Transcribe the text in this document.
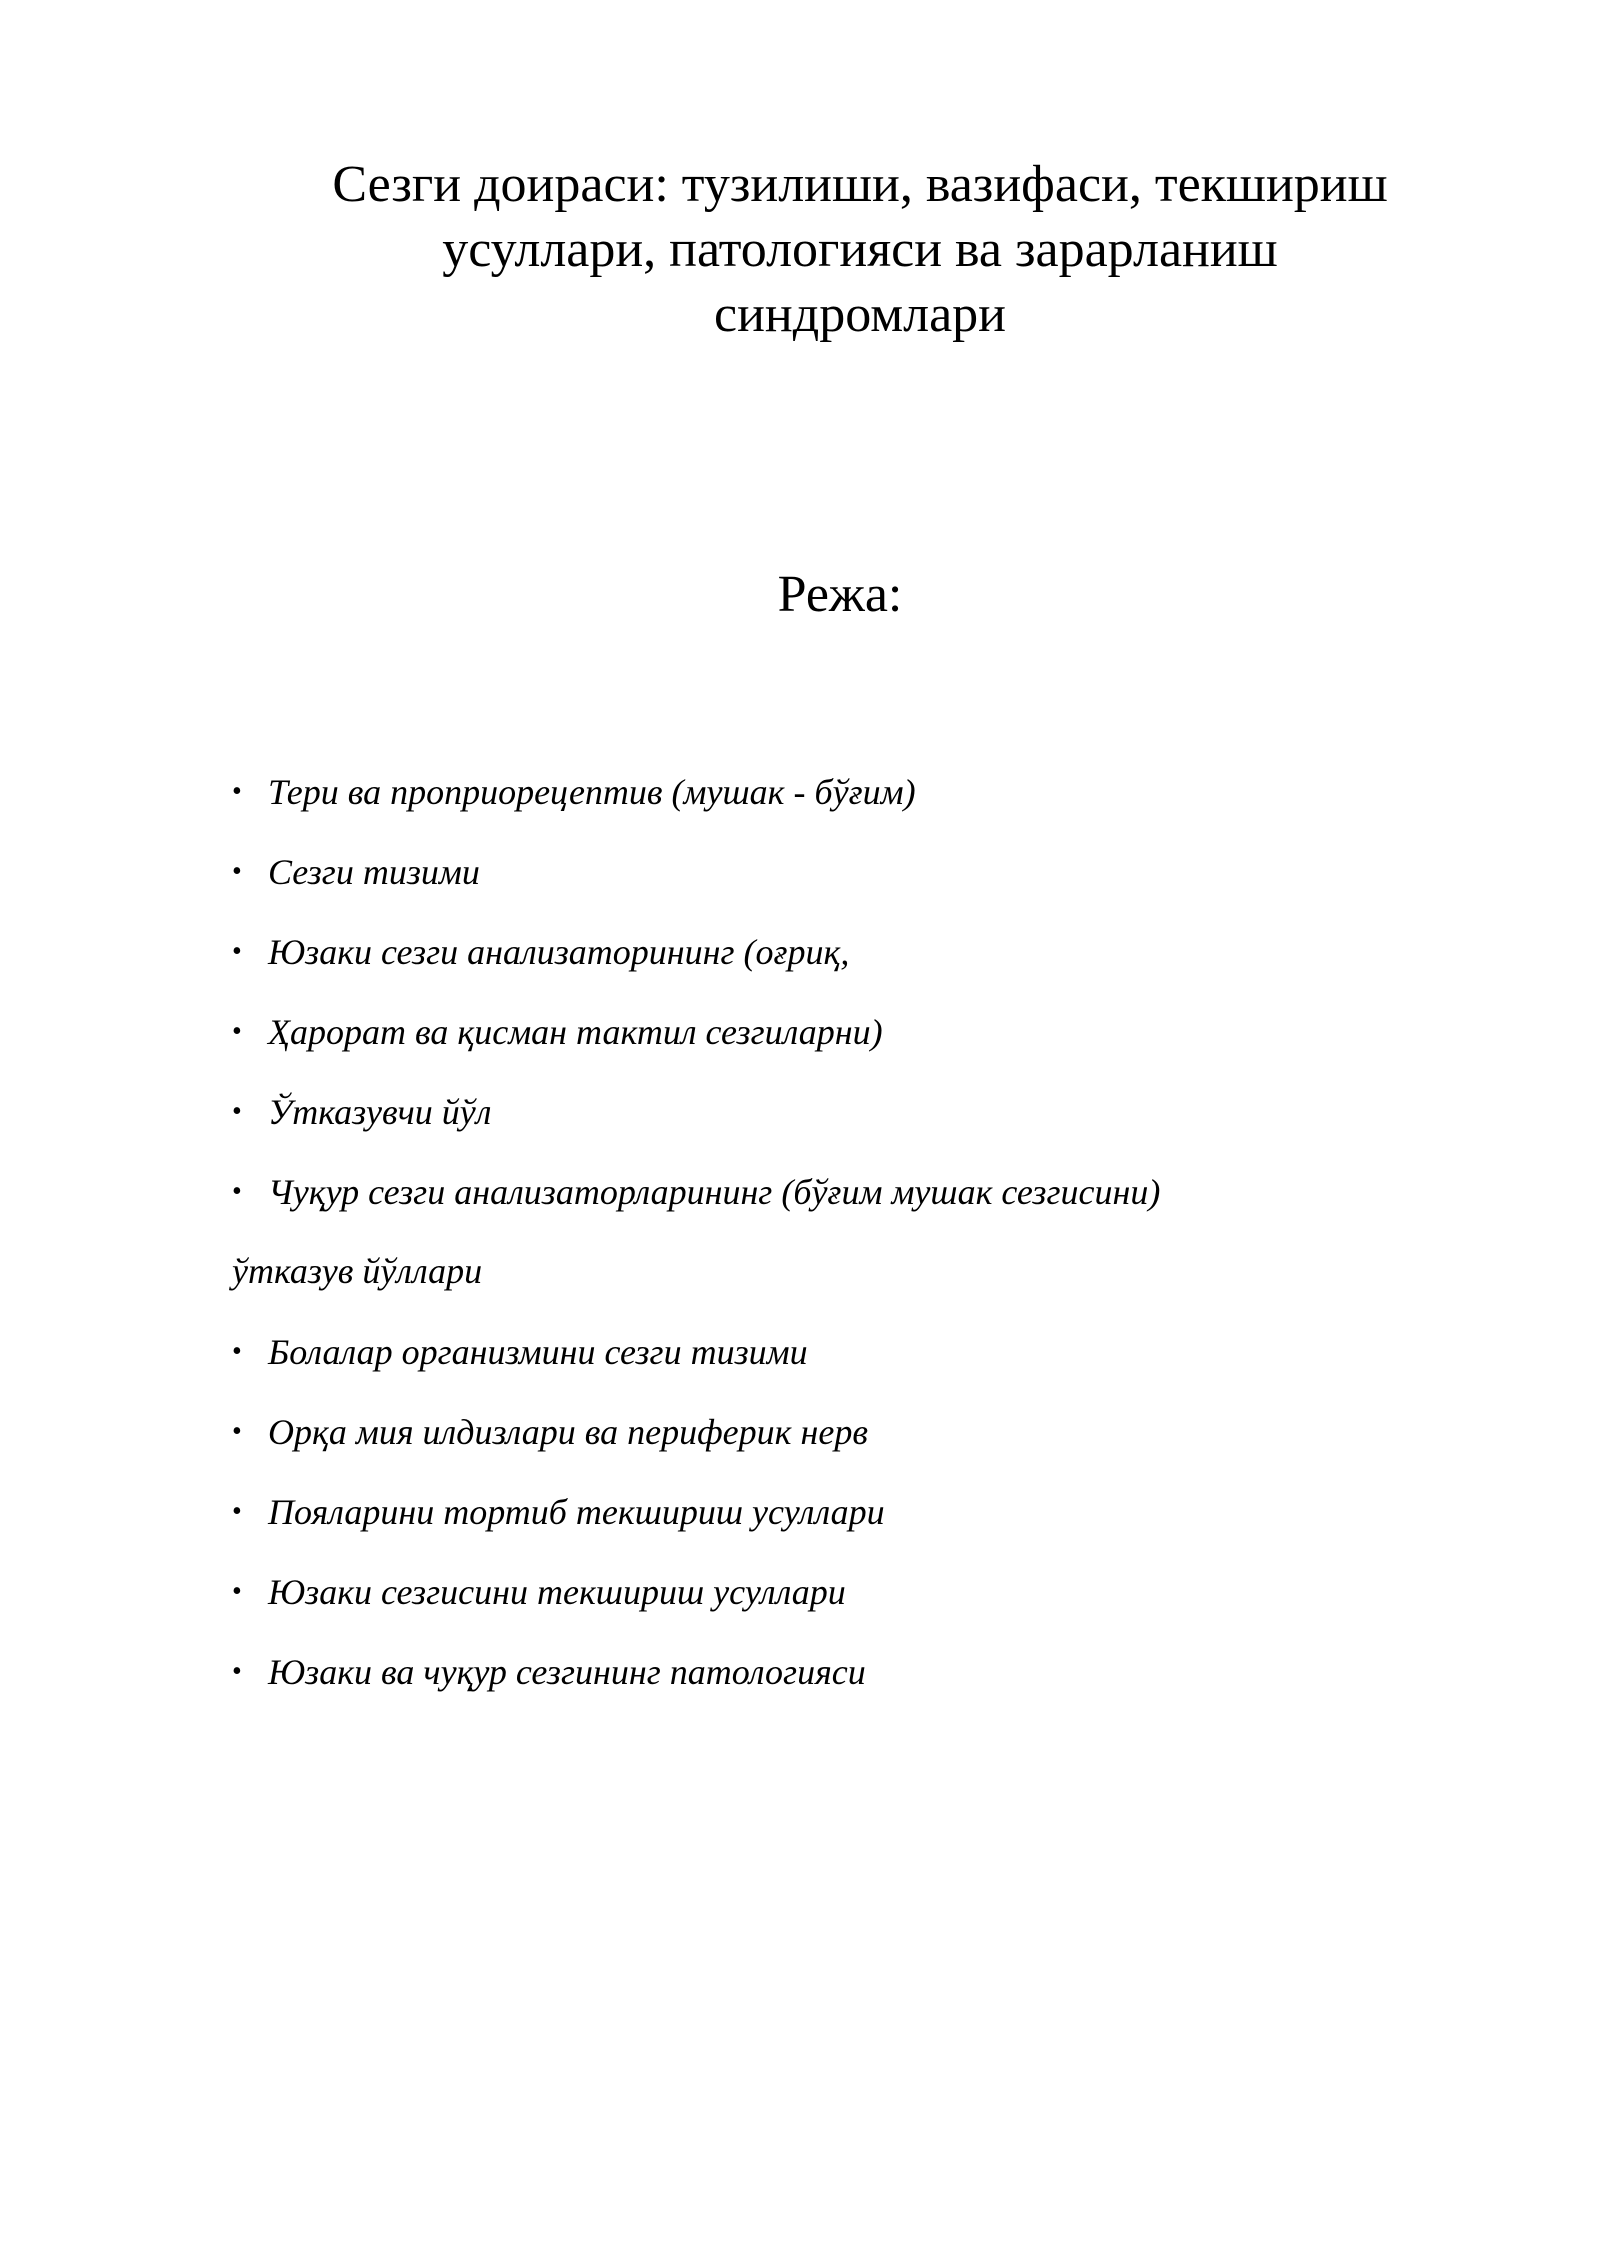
Сезги доираси: тузилиши, вазифаси, текшириш
усуллари, патологияси ва зарарланиш
синдромлари
Режа:
• Тери ва проприорецептив (мушак - бўғим)
• Сезги тизими
• Юзаки сезги анализаторининг (оғриқ,
• Ҳарорат ва қисман тактил сезгиларни)
• Ўтказувчи йўл
• Чуқур сезги анализаторларининг (бўғим мушак сезгисини)
ўтказув йўллари
• Болалар организмини сезги тизими
• Орқа мия илдизлари ва периферик нерв
• Пояларини тортиб текшириш усуллари
• Юзаки сезгисини текшириш усуллари
• Юзаки ва чуқур сезгининг патологияси
